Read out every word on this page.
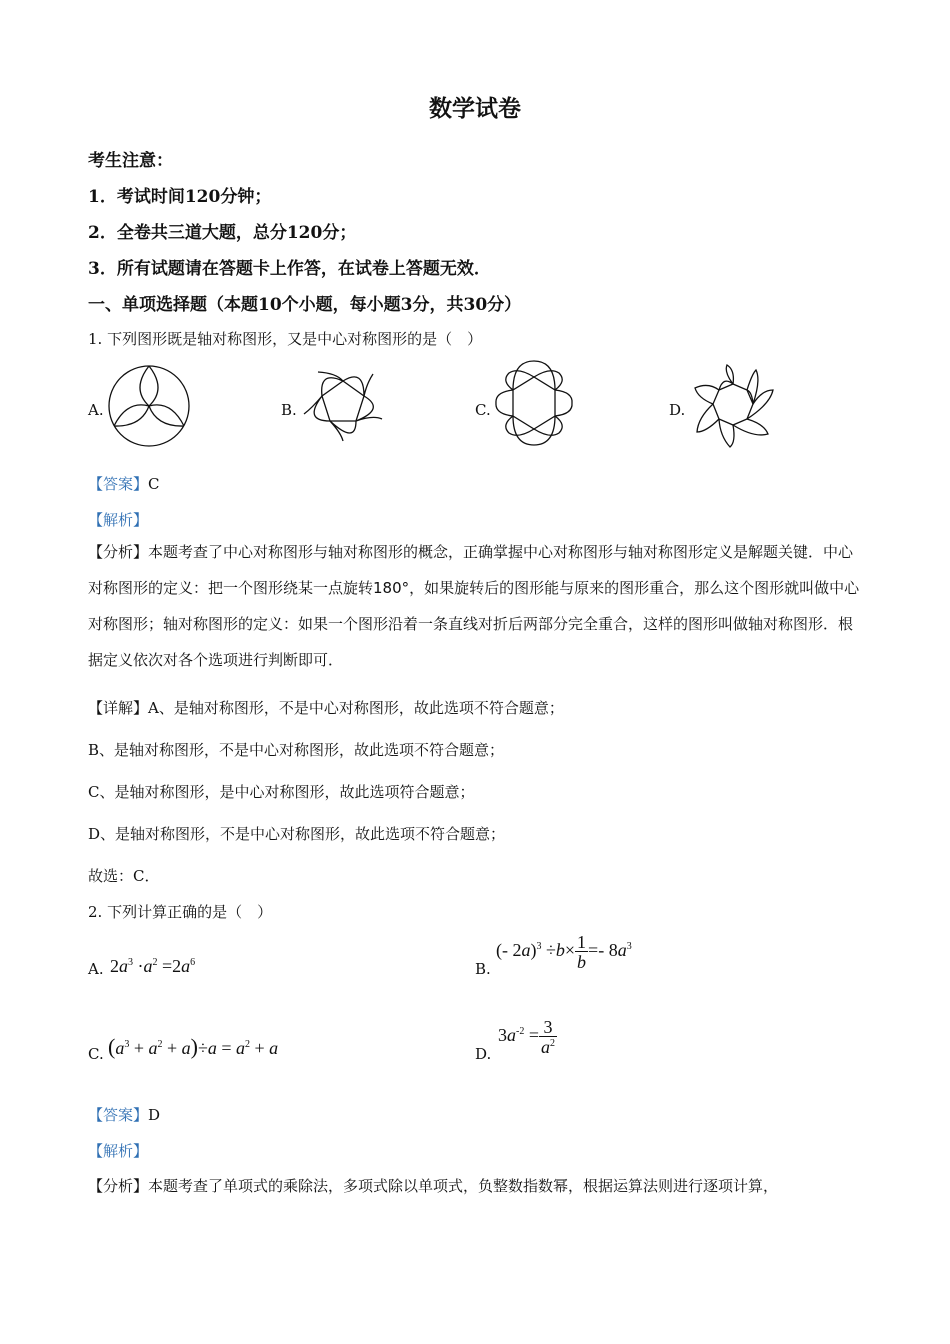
数学试卷
考生注意：
1．考试时间120分钟；
2．全卷共三道大题，总分120分；
3．所有试题请在答题卡上作答，在试卷上答题无效．
一、单项选择题（本题10个小题，每小题3分，共30分）
1. 下列图形既是轴对称图形，又是中心对称图形的是（　）
A.	B.	C.	D.
【答案】C
【解析】
【分析】本题考查了中心对称图形与轴对称图形的概念，正确掌握中心对称图形与轴对称图形定义是解题关键．中心对称图形的定义：把一个图形绕某一点旋转180°，如果旋转后的图形能与原来的图形重合，那么这个图形就叫做中心对称图形；轴对称图形的定义：如果一个图形沿着一条直线对折后两部分完全重合，这样的图形叫做轴对称图形．根据定义依次对各个选项进行判断即可．
【详解】A、是轴对称图形，不是中心对称图形，故此选项不符合题意；
B、是轴对称图形，不是中心对称图形，故此选项不符合题意；
C、是轴对称图形，是中心对称图形，故此选项符合题意；
D、是轴对称图形，不是中心对称图形，故此选项不符合题意；
故选：C．
2. 下列计算正确的是（　）
A. $2a^3 \cdot a^2 =2a^6$	B.
(- $2a)^3 \div b\times \frac{1}{b} =- 8a^3$
C. $(a^3 + a^2 + a)\div a = a^2 + a$	D.
$3a^{-2} = \frac{3}{a^2}$
【答案】D
【解析】
【分析】本题考查了单项式的乘除法，多项式除以单项式，负整数指数幂，根据运算法则进行逐项计算，
